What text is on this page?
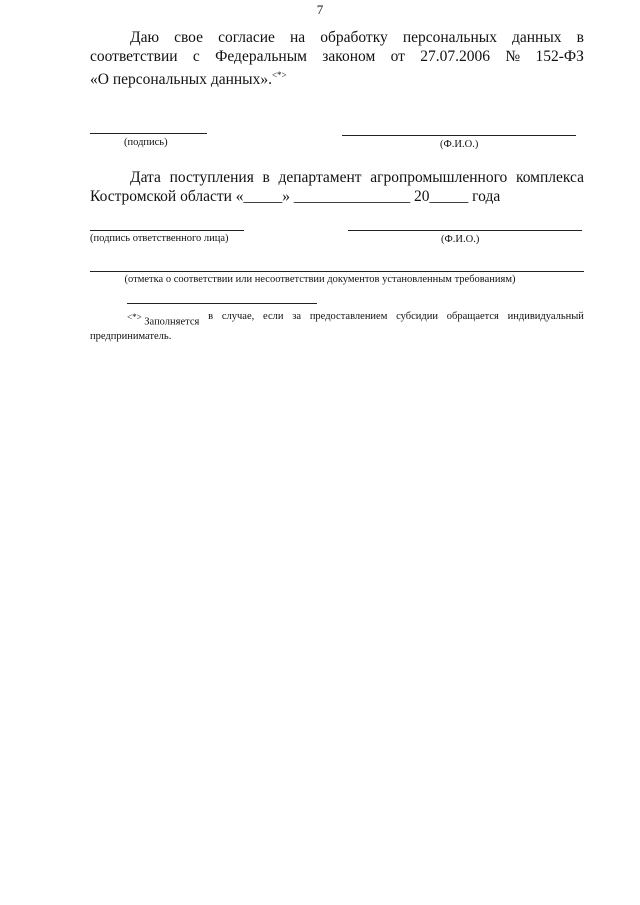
7
Даю свое согласие на обработку персональных данных в
соответствии с Федеральным законом от 27.07.2006 № 152-ФЗ
«О персональных данных».<*>
(подпись)	(Ф.И.О.)
Дата поступления в департамент агропромышленного комплекса
Костромской области «_____» _______________ 20_____ года
(подпись ответственного лица)	(Ф.И.О.)
(отметка о соответствии или несоответствии документов установленным требованиям)
<*> Заполняется в случае, если за предоставлением субсидии обращается индивидуальный
предприниматель.
